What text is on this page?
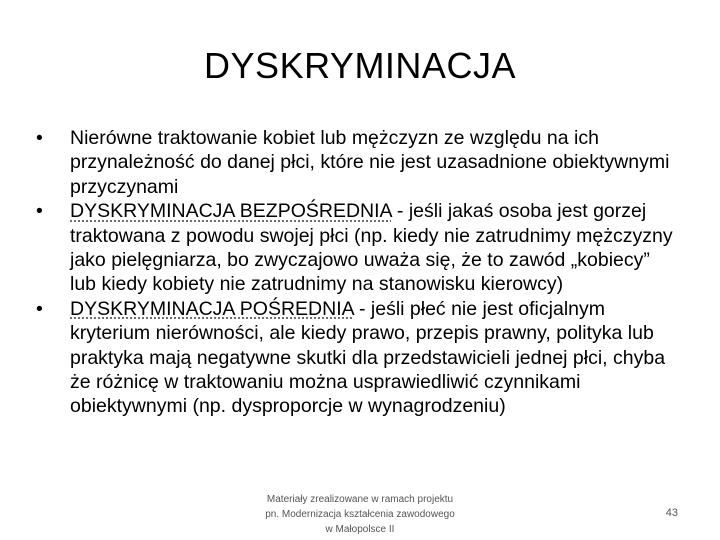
DYSKRYMINACJA
•	Nierówne traktowanie kobiet lub mężczyzn ze względu na ich przynależność do danej płci, które nie jest uzasadnione obiektywnymi przyczynami
•	DYSKRYMINACJA BEZPOŚREDNIA - jeśli jakaś osoba jest gorzej traktowana z powodu swojej płci (np. kiedy nie zatrudnimy mężczyzny jako pielęgniarza, bo zwyczajowo uważa się, że to zawód „kobiecy” lub kiedy kobiety nie zatrudnimy na stanowisku kierowcy)
•	DYSKRYMINACJA POŚREDNIA - jeśli płeć nie jest oficjalnym kryterium nierówności, ale kiedy prawo, przepis prawny, polityka lub praktyka mają negatywne skutki dla przedstawicieli jednej płci, chyba że różnicę w traktowaniu można usprawiedliwić czynnikami obiektywnymi (np. dysproporcje w wynagrodzeniu)
Materiały zrealizowane w ramach projektu
pn. Modernizacja kształcenia zawodowego
w Małopolsce II
43
